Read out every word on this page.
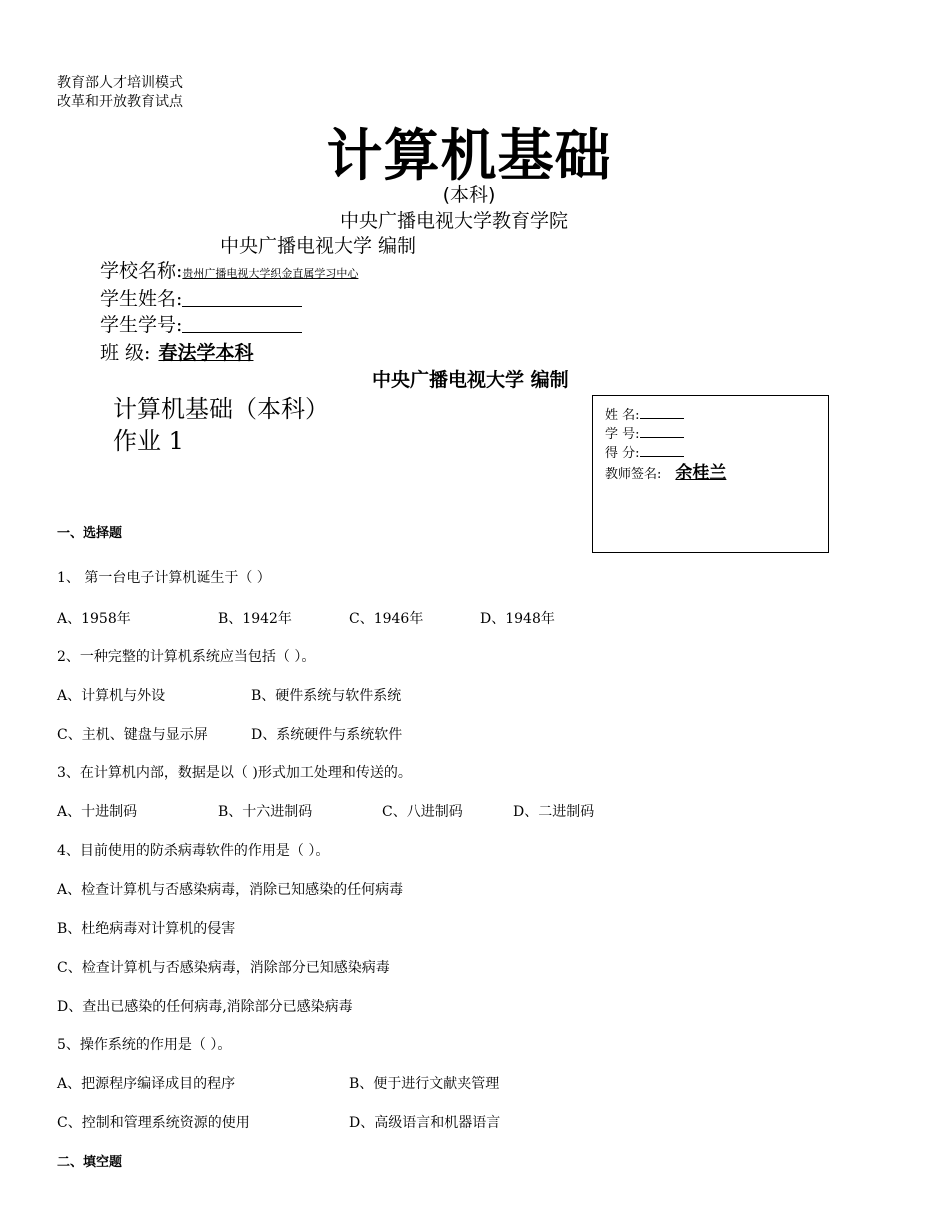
教育部人才培训模式
改革和开放教育试点
计算机基础
(本科)
中央广播电视大学教育学院
中央广播电视大学 编制
学校名称:贵州广播电视大学织金直属学习中心
学生姓名:
学生学号:
班 级: 春法学本科
中央广播电视大学 编制
计算机基础（本科）
作业 1
姓 名:
学 号:
得 分:
教师签名: 余桂兰
一、选择题
1、 第一台电子计算机诞生于（ ）
A、1958年	B、1942年	C、1946年	D、1948年
2、一种完整的计算机系统应当包括（ ）。
A、计算机与外设	B、硬件系统与软件系统
C、主机、键盘与显示屏	D、系统硬件与系统软件
3、在计算机内部，数据是以（ )形式加工处理和传送的。
A、十进制码	B、十六进制码	C、八进制码	D、二进制码
4、目前使用的防杀病毒软件的作用是（ ）。
A、检查计算机与否感染病毒，消除已知感染的任何病毒
B、杜绝病毒对计算机的侵害
C、检查计算机与否感染病毒，消除部分已知感染病毒
D、查出已感染的任何病毒,消除部分已感染病毒
5、操作系统的作用是（ ）。
A、把源程序编译成目的程序	B、便于进行文献夹管理
C、控制和管理系统资源的使用	D、高级语言和机器语言
二、填空题
